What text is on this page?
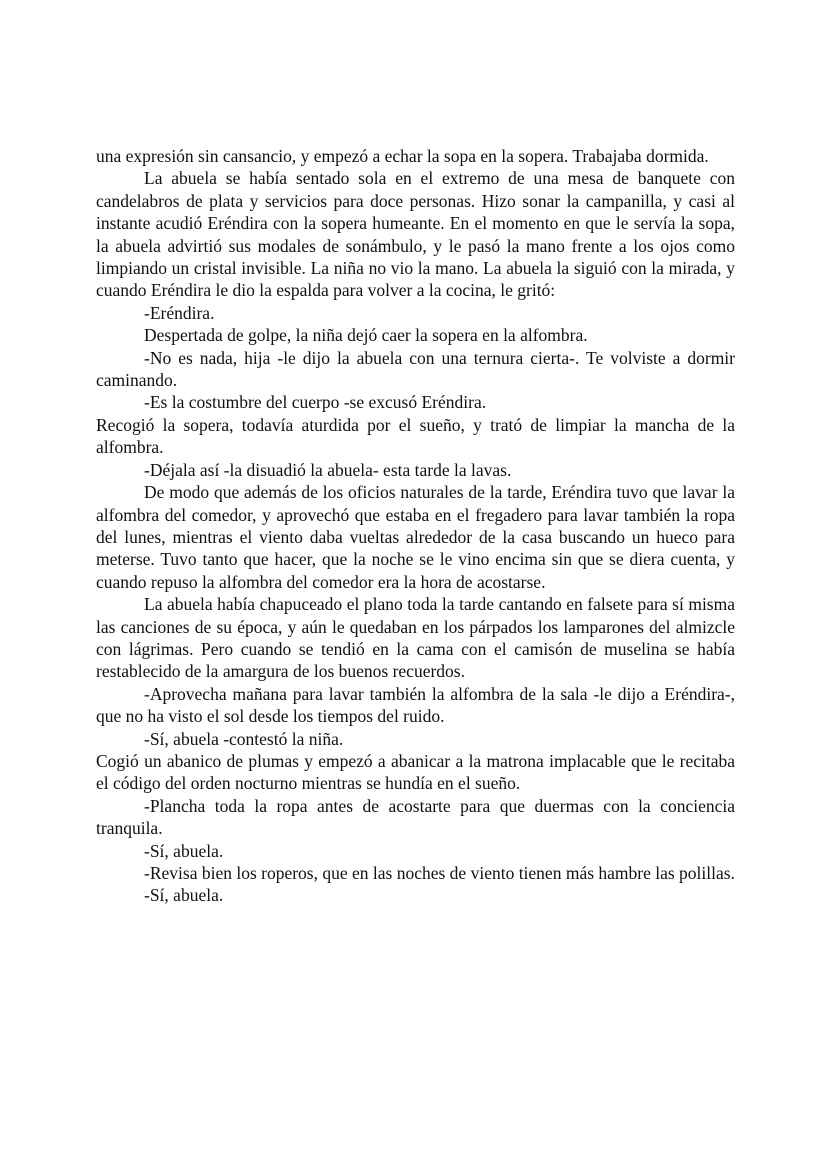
una expresión sin cansancio, y empezó a echar la sopa en la sopera. Trabajaba dormida.

La abuela se había sentado sola en el extremo de una mesa de banquete con candelabros de plata y servicios para doce personas. Hizo sonar la campanilla, y casi al instante acudió Eréndira con la sopera humeante. En el momento en que le servía la sopa, la abuela advirtió sus modales de sonámbulo, y le pasó la mano frente a los ojos como limpiando un cristal invisible. La niña no vio la mano. La abuela la siguió con la mirada, y cuando Eréndira le dio la espalda para volver a la cocina, le gritó:

-Eréndira.

Despertada de golpe, la niña dejó caer la sopera en la alfombra.

-No es nada, hija -le dijo la abuela con una ternura cierta-. Te volviste a dormir caminando.

-Es la costumbre del cuerpo -se excusó Eréndira.

Recogió la sopera, todavía aturdida por el sueño, y trató de limpiar la mancha de la alfombra.

-Déjala así -la disuadió la abuela- esta tarde la lavas.

De modo que además de los oficios naturales de la tarde, Eréndira tuvo que lavar la alfombra del comedor, y aprovechó que estaba en el fregadero para lavar también la ropa del lunes, mientras el viento daba vueltas alrededor de la casa buscando un hueco para meterse. Tuvo tanto que hacer, que la noche se le vino encima sin que se diera cuenta, y cuando repuso la alfombra del comedor era la hora de acostarse.

La abuela había chapuceado el plano toda la tarde cantando en falsete para sí misma las canciones de su época, y aún le quedaban en los párpados los lamparones del almizcle con lágrimas. Pero cuando se tendió en la cama con el camisón de muselina se había restablecido de la amargura de los buenos recuerdos.

-Aprovecha mañana para lavar también la alfombra de la sala -le dijo a Eréndira-, que no ha visto el sol desde los tiempos del ruido.

-Sí, abuela -contestó la niña.

Cogió un abanico de plumas y empezó a abanicar a la matrona implacable que le recitaba el código del orden nocturno mientras se hundía en el sueño.

-Plancha toda la ropa antes de acostarte para que duermas con la conciencia tranquila.

-Sí, abuela.

-Revisa bien los roperos, que en las noches de viento tienen más hambre las polillas.

-Sí, abuela.
